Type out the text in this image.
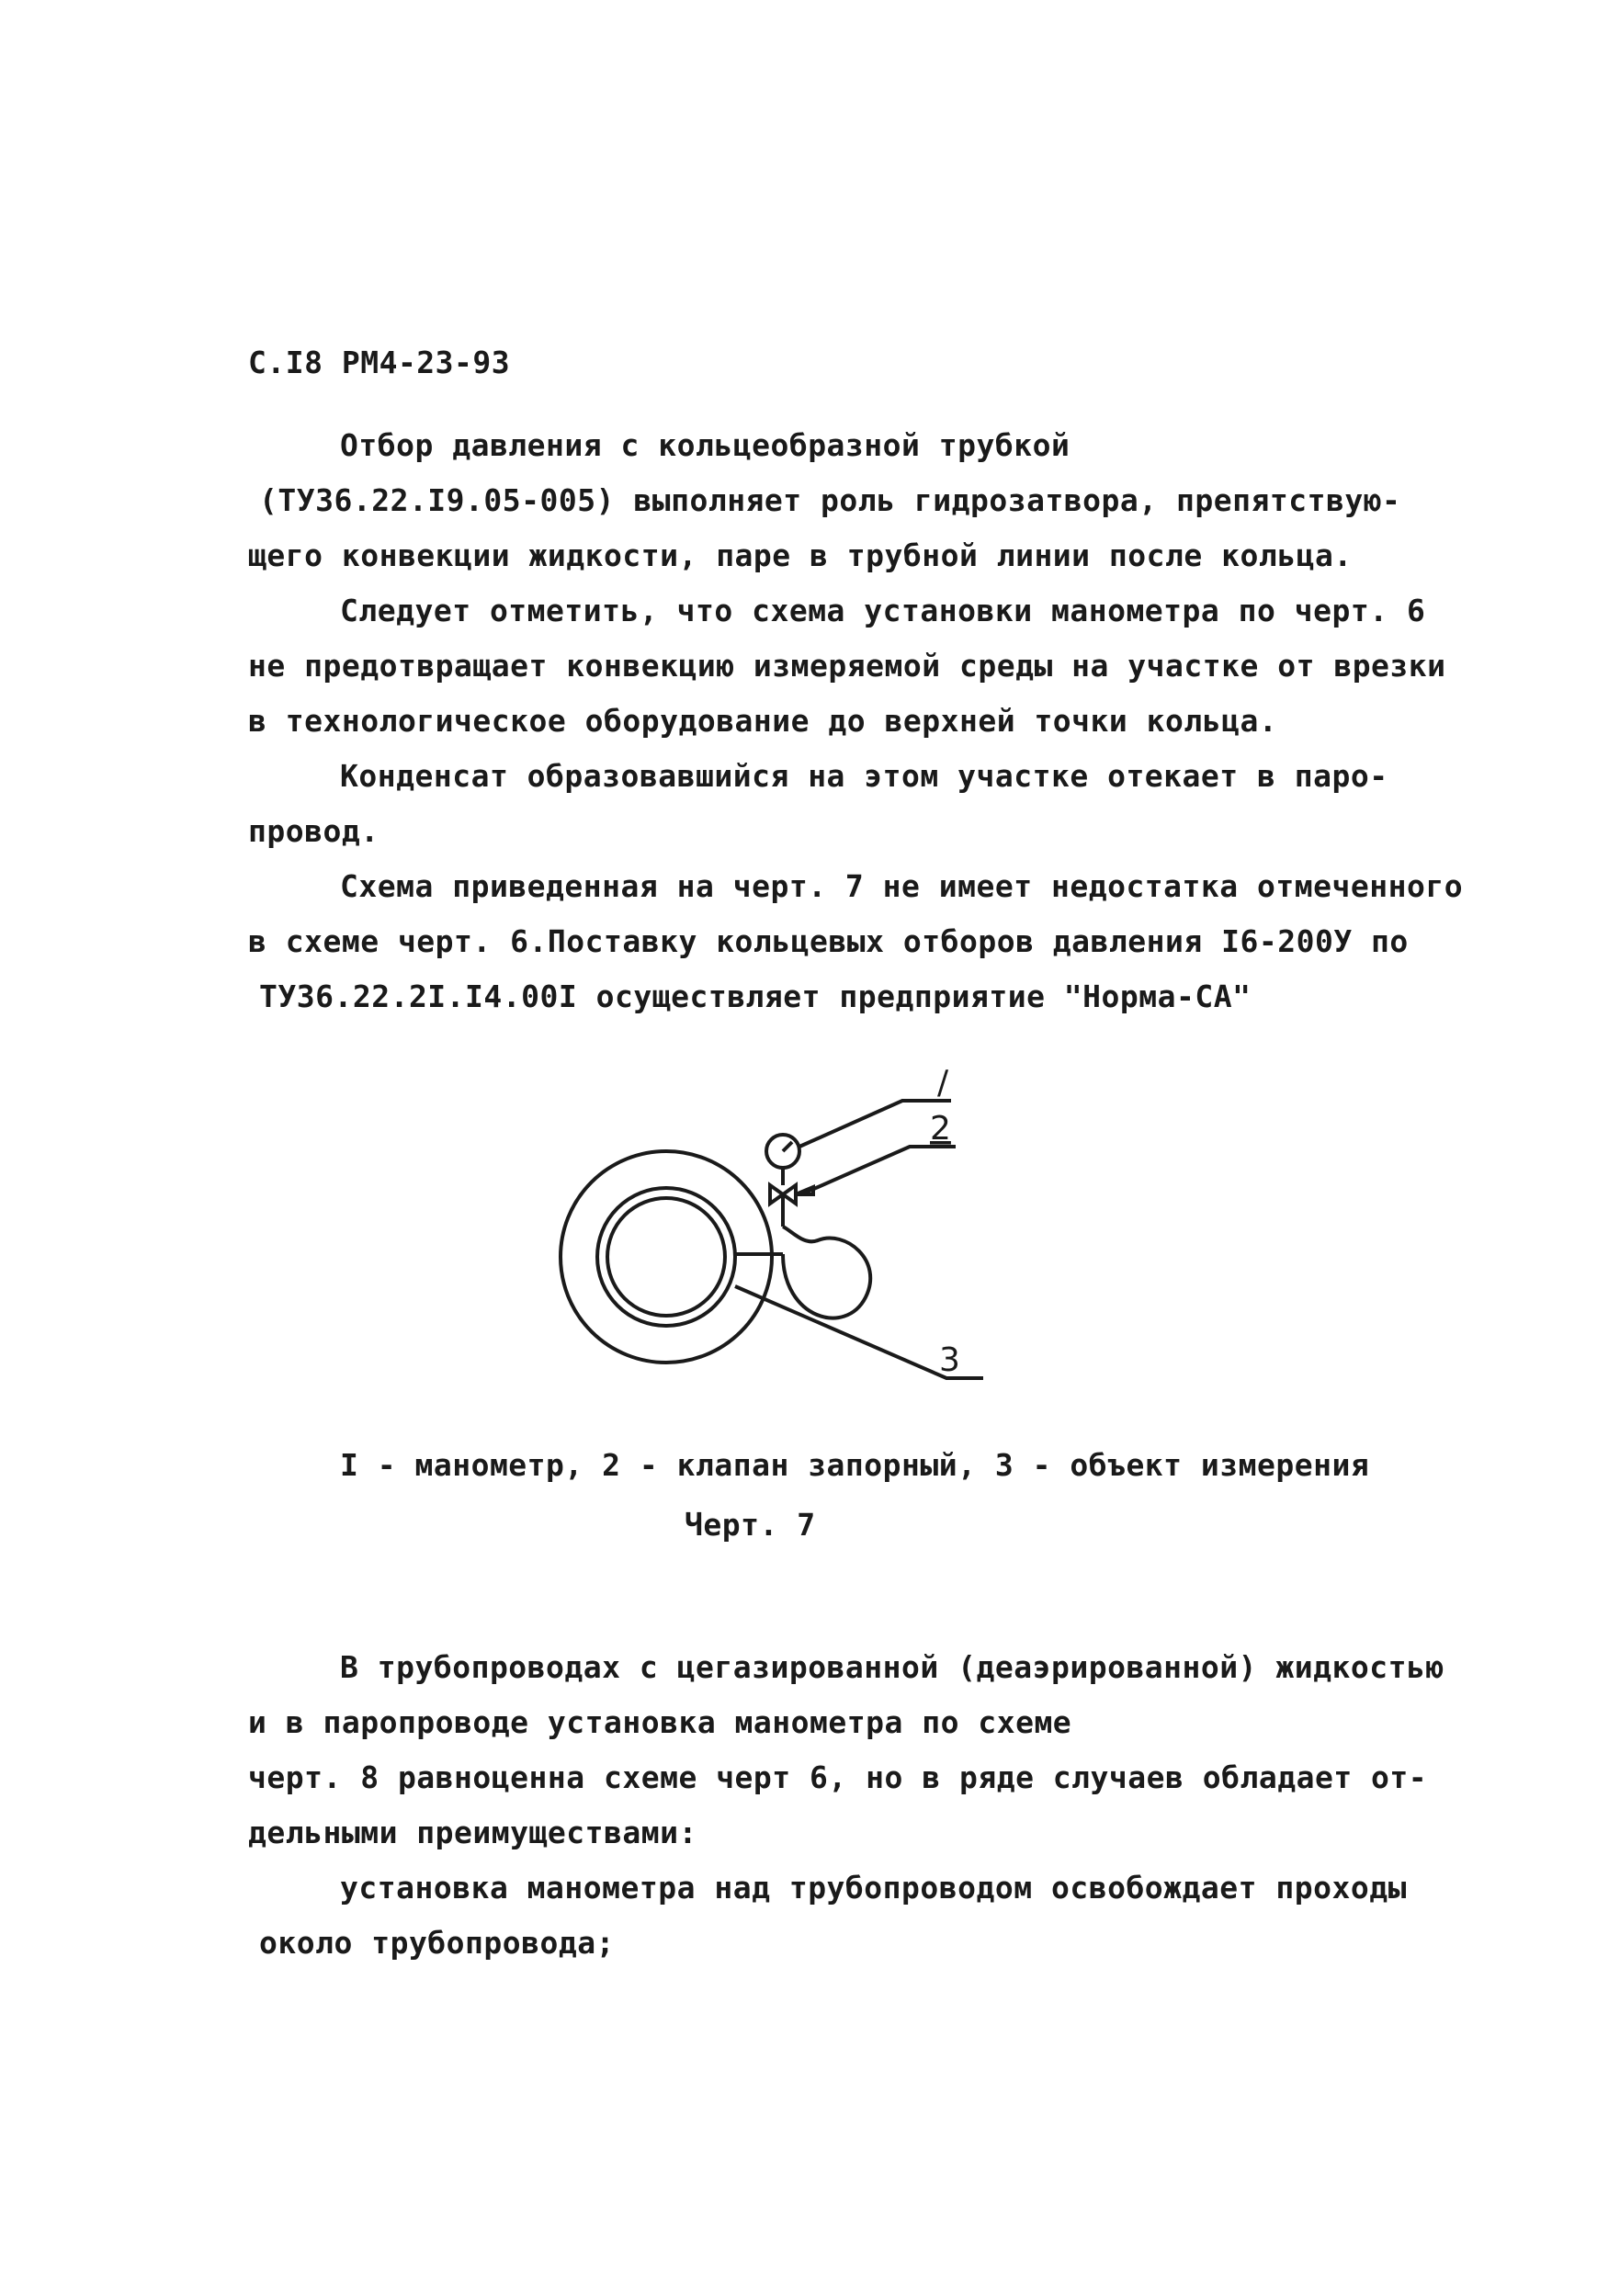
С.I8 РМ4-23-93
Отбор давления с кольцеобразной трубкой
(ТУ36.22.I9.05-005) выполняет роль гидрозатвора, препятствую-
щего конвекции жидкости, паре в трубной линии после кольца.
Следует отметить, что схема установки манометра по черт. 6
не предотвращает конвекцию измеряемой среды на участке от врезки
в технологическое оборудование до верхней точки кольца.
Конденсат образовавшийся на этом участке отекает в паро-
провод.
Схема приведенная на черт. 7 не имеет недостатка отмеченного
в схеме черт. 6.Поставку кольцевых отборов давления I6-200У по
ТУ36.22.2I.I4.00I осуществляет предприятие "Норма-СА"
/
2
3
I - манометр, 2 - клапан запорный, 3 - объект измерения
Черт. 7
В трубопроводах с цегазированной (деаэрированной) жидкостью
и в паропроводе установка манометра по схеме
черт. 8 равноценна схеме черт 6, но в ряде случаев обладает от-
дельными преимуществами:
установка манометра над трубопроводом освобождает проходы
около трубопровода;
